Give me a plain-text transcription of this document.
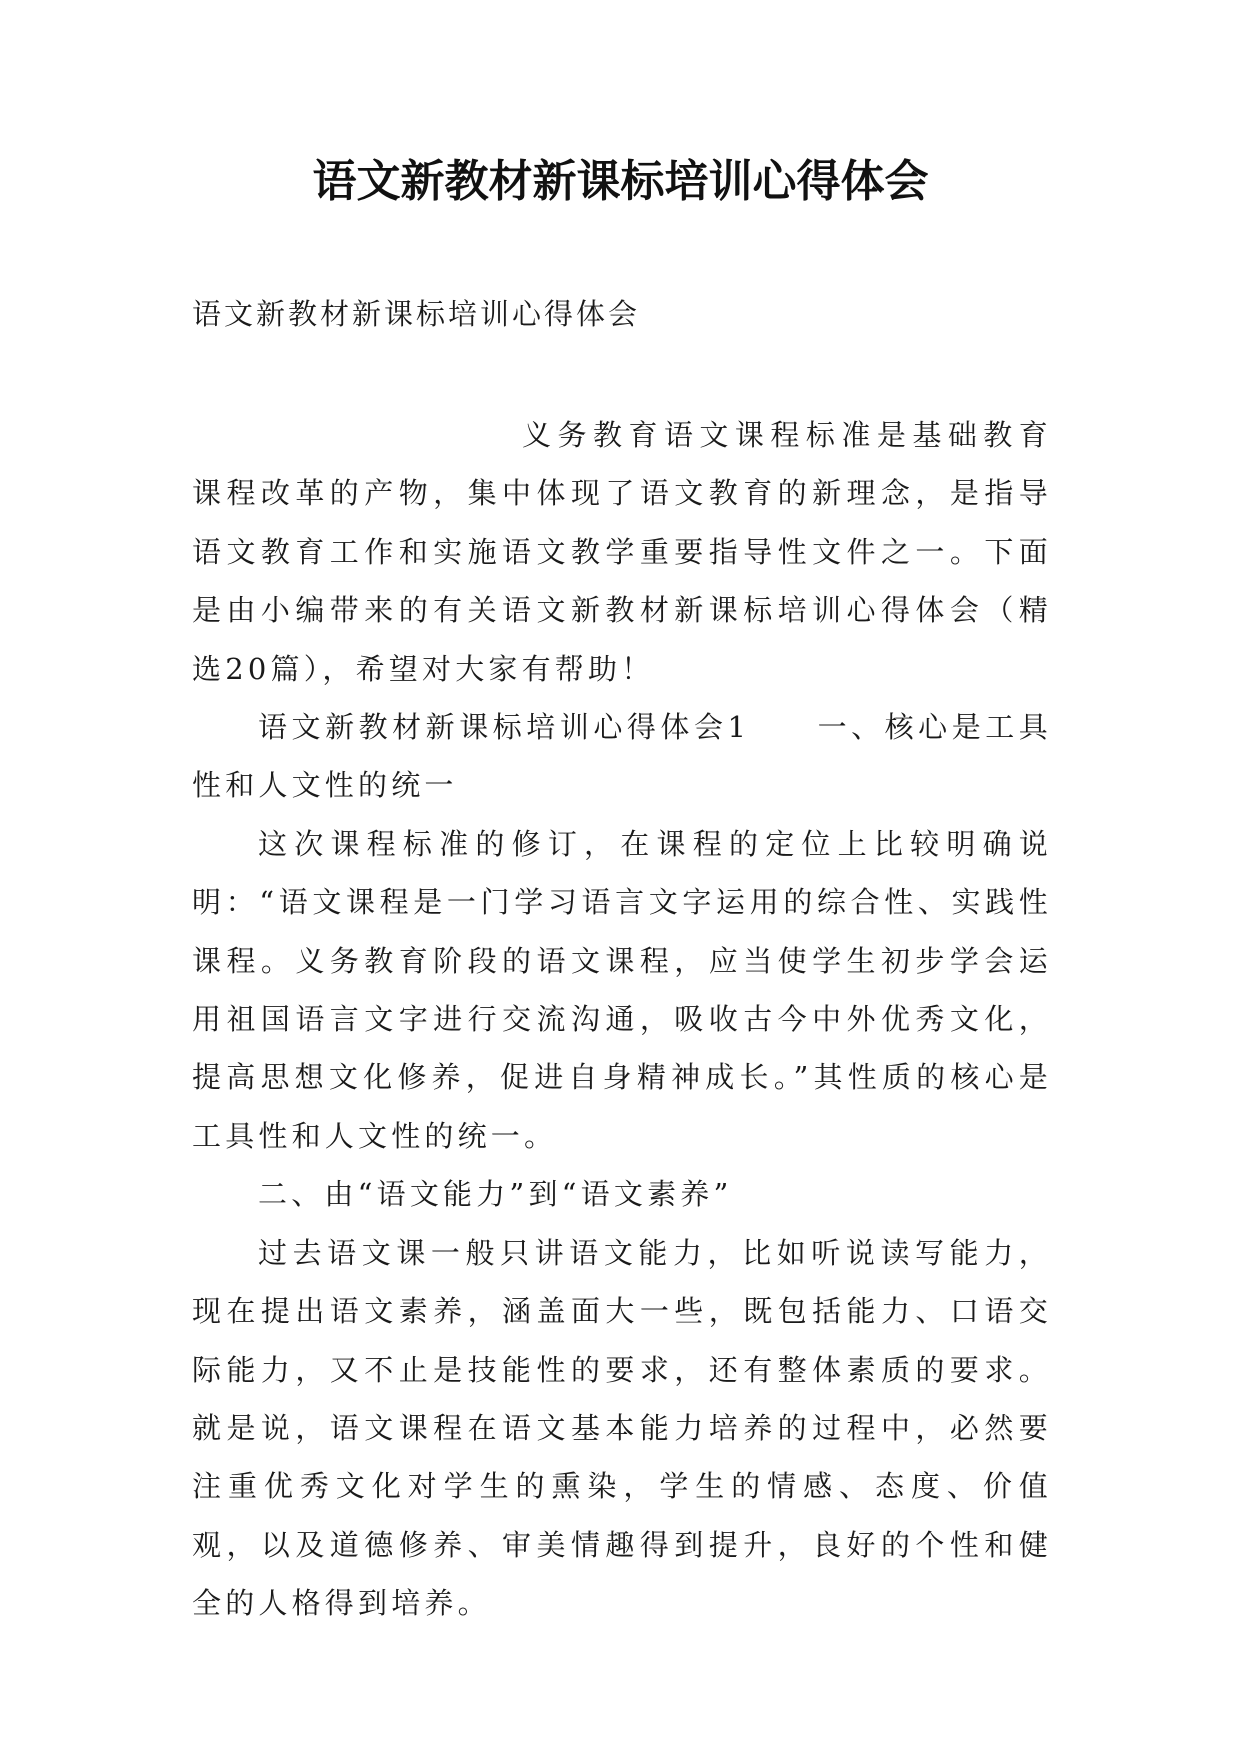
语文新教材新课标培训心得体会
语文新教材新课标培训心得体会

义务教育语文课程标准是基础教育课程改革的产物，集中体现了语文教育的新理念，是指导语文教育工作和实施语文教学重要指导性文件之一。下面是由小编带来的有关语文新教材新课标培训心得体会（精选20篇），希望对大家有帮助！

语文新教材新课标培训心得体会1　　一、核心是工具性和人文性的统一

这次课程标准的修订，在课程的定位上比较明确说明：“语文课程是一门学习语言文字运用的综合性、实践性课程。义务教育阶段的语文课程，应当使学生初步学会运用祖国语言文字进行交流沟通，吸收古今中外优秀文化，提高思想文化修养，促进自身精神成长。”其性质的核心是工具性和人文性的统一。

二、由“语文能力”到“语文素养”

过去语文课一般只讲语文能力，比如听说读写能力，现在提出语文素养，涵盖面大一些，既包括能力、口语交际能力，又不止是技能性的要求，还有整体素质的要求。就是说，语文课程在语文基本能力培养的过程中，必然要注重优秀文化对学生的熏染，学生的情感、态度、价值观，以及道德修养、审美情趣得到提升，良好的个性和健全的人格得到培养。
